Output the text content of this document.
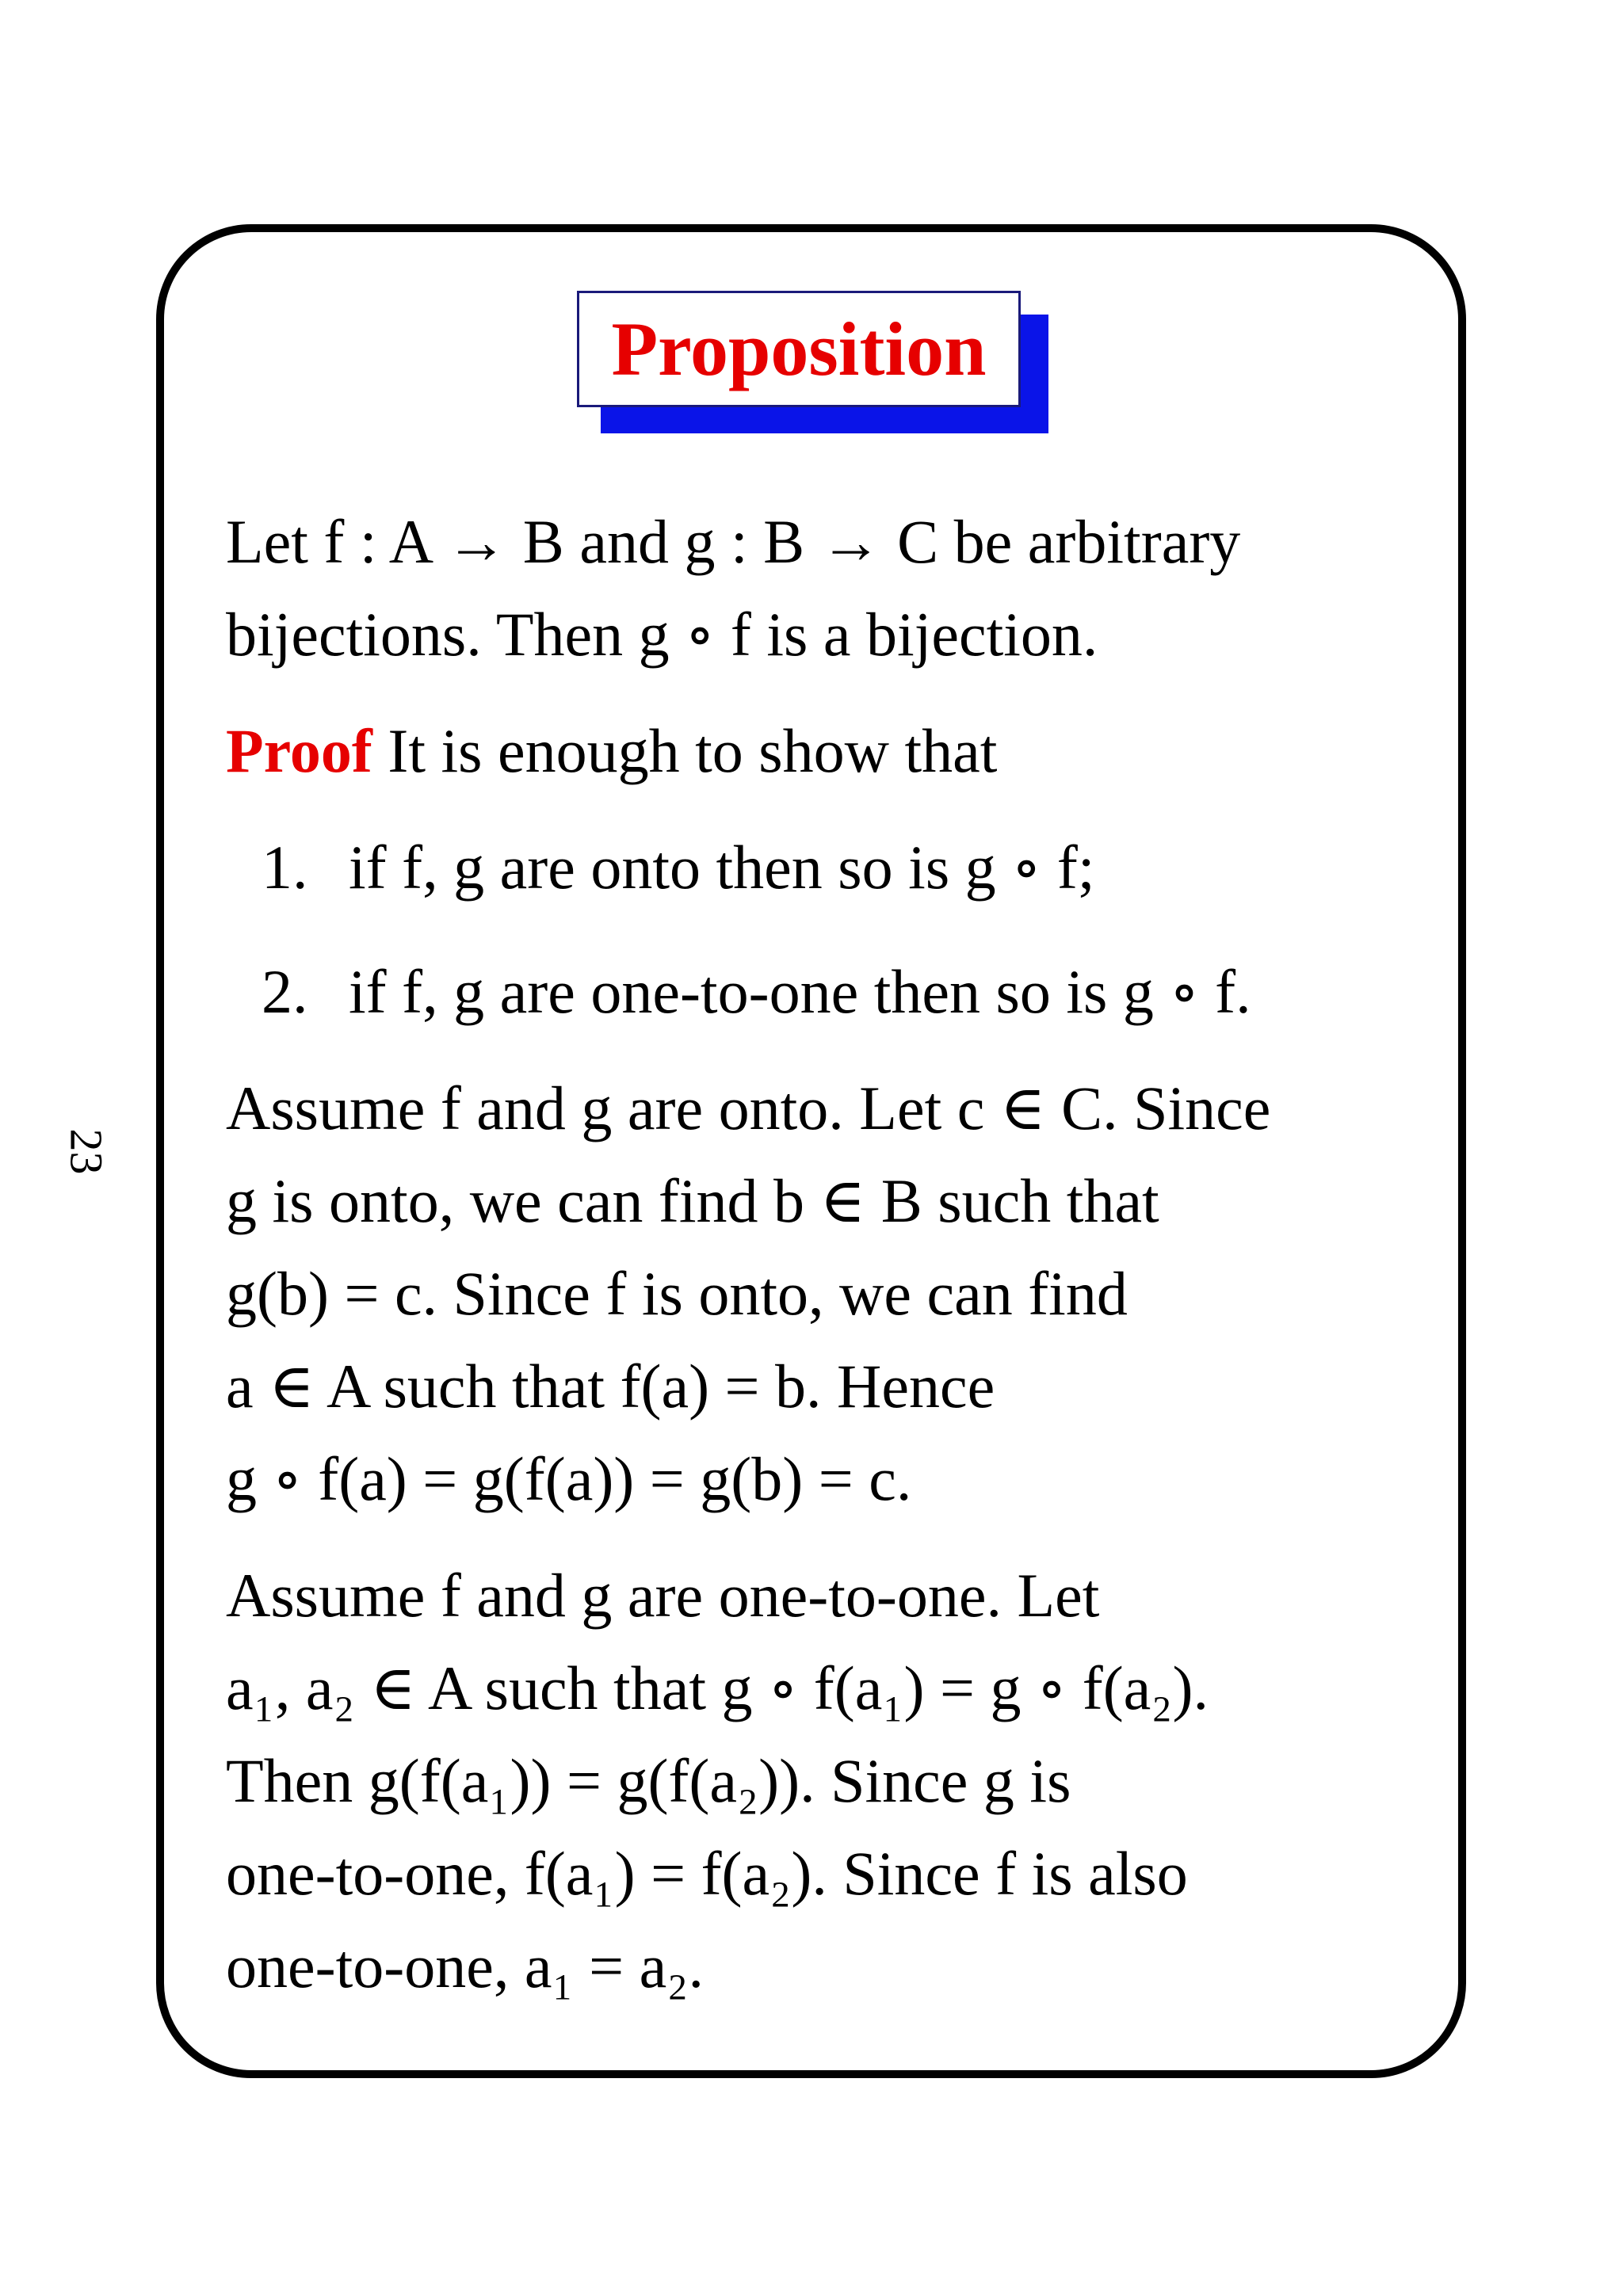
23
Proposition

Let f : A → B and g : B → C be arbitrary

bijections. Then g ∘ f is a bijection.

Proof It is enough to show that

1. if f, g are onto then so is g ∘ f;
2. if f, g are one-to-one then so is g ∘ f.

Assume f and g are onto. Let c ∈ C. Since

g is onto, we can find b ∈ B such that

g(b) = c. Since f is onto, we can find

a ∈ A such that f(a) = b. Hence

g ∘ f(a) = g(f(a)) = g(b) = c.

Assume f and g are one-to-one. Let

a₁, a₂ ∈ A such that g ∘ f(a₁) = g ∘ f(a₂).

Then g(f(a₁)) = g(f(a₂)). Since g is

one-to-one, f(a₁) = f(a₂). Since f is also

one-to-one, a₁ = a₂.
